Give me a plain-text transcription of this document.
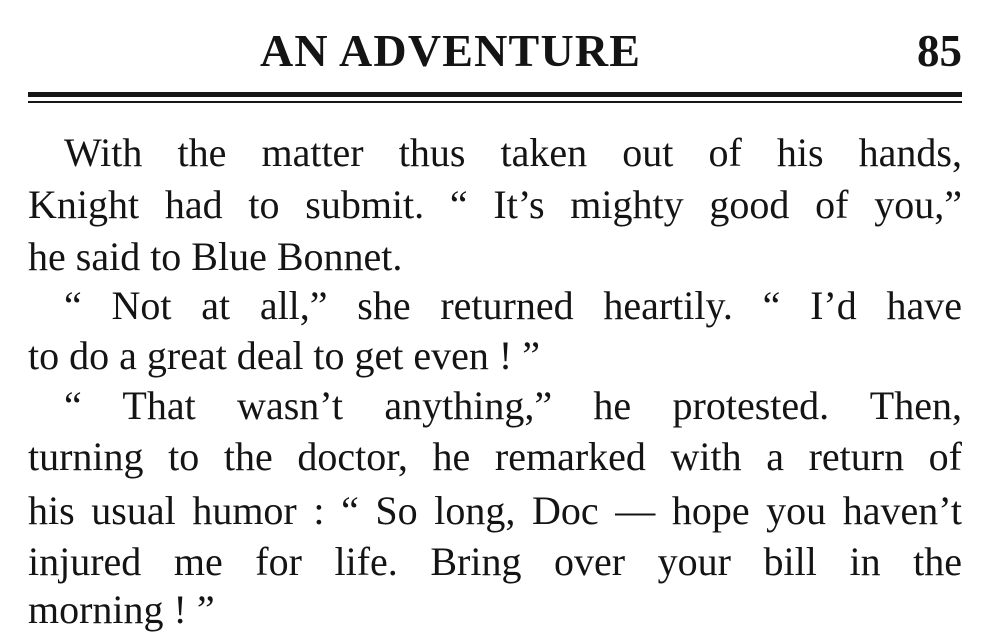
AN ADVENTURE	85
With the matter thus taken out of his hands,
Knight had to submit. “ It’s mighty good of you,”
he said to Blue Bonnet.
“ Not at all,” she returned heartily. “ I’d have
to do a great deal to get even ! ”
“ That wasn’t anything,” he protested. Then,
turning to the doctor, he remarked with a return of
his usual humor : “ So long, Doc — hope you haven’t
injured me for life. Bring over your bill in the
morning ! ”
